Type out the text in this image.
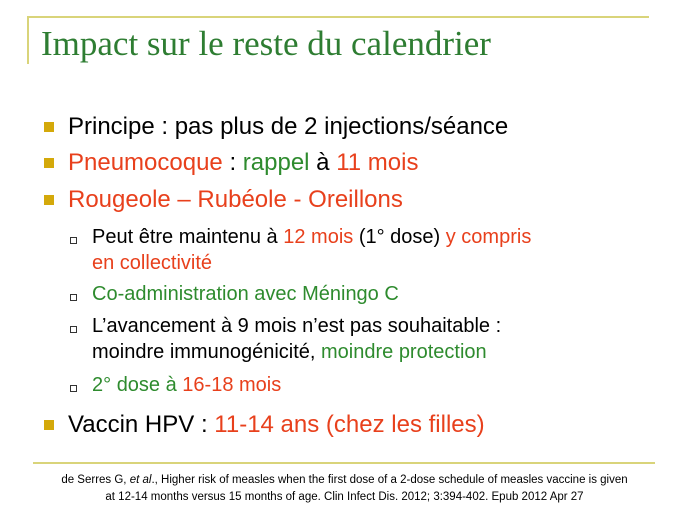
Impact sur le reste du calendrier
Principe : pas plus de 2 injections/séance
Pneumocoque : rappel à 11 mois
Rougeole – Rubéole - Oreillons
Peut être maintenu à 12 mois (1° dose) y compris
en collectivité
Co-administration avec Méningo C
L’avancement à 9 mois n’est pas souhaitable :
moindre immunogénicité, moindre protection
2° dose à 16-18 mois
Vaccin HPV : 11-14 ans (chez les filles)

de Serres G, et al., Higher risk of measles when the first dose of a 2-dose schedule of measles vaccine is given
at 12-14 months versus 15 months of age. Clin Infect Dis. 2012; 3:394-402. Epub 2012 Apr 27
